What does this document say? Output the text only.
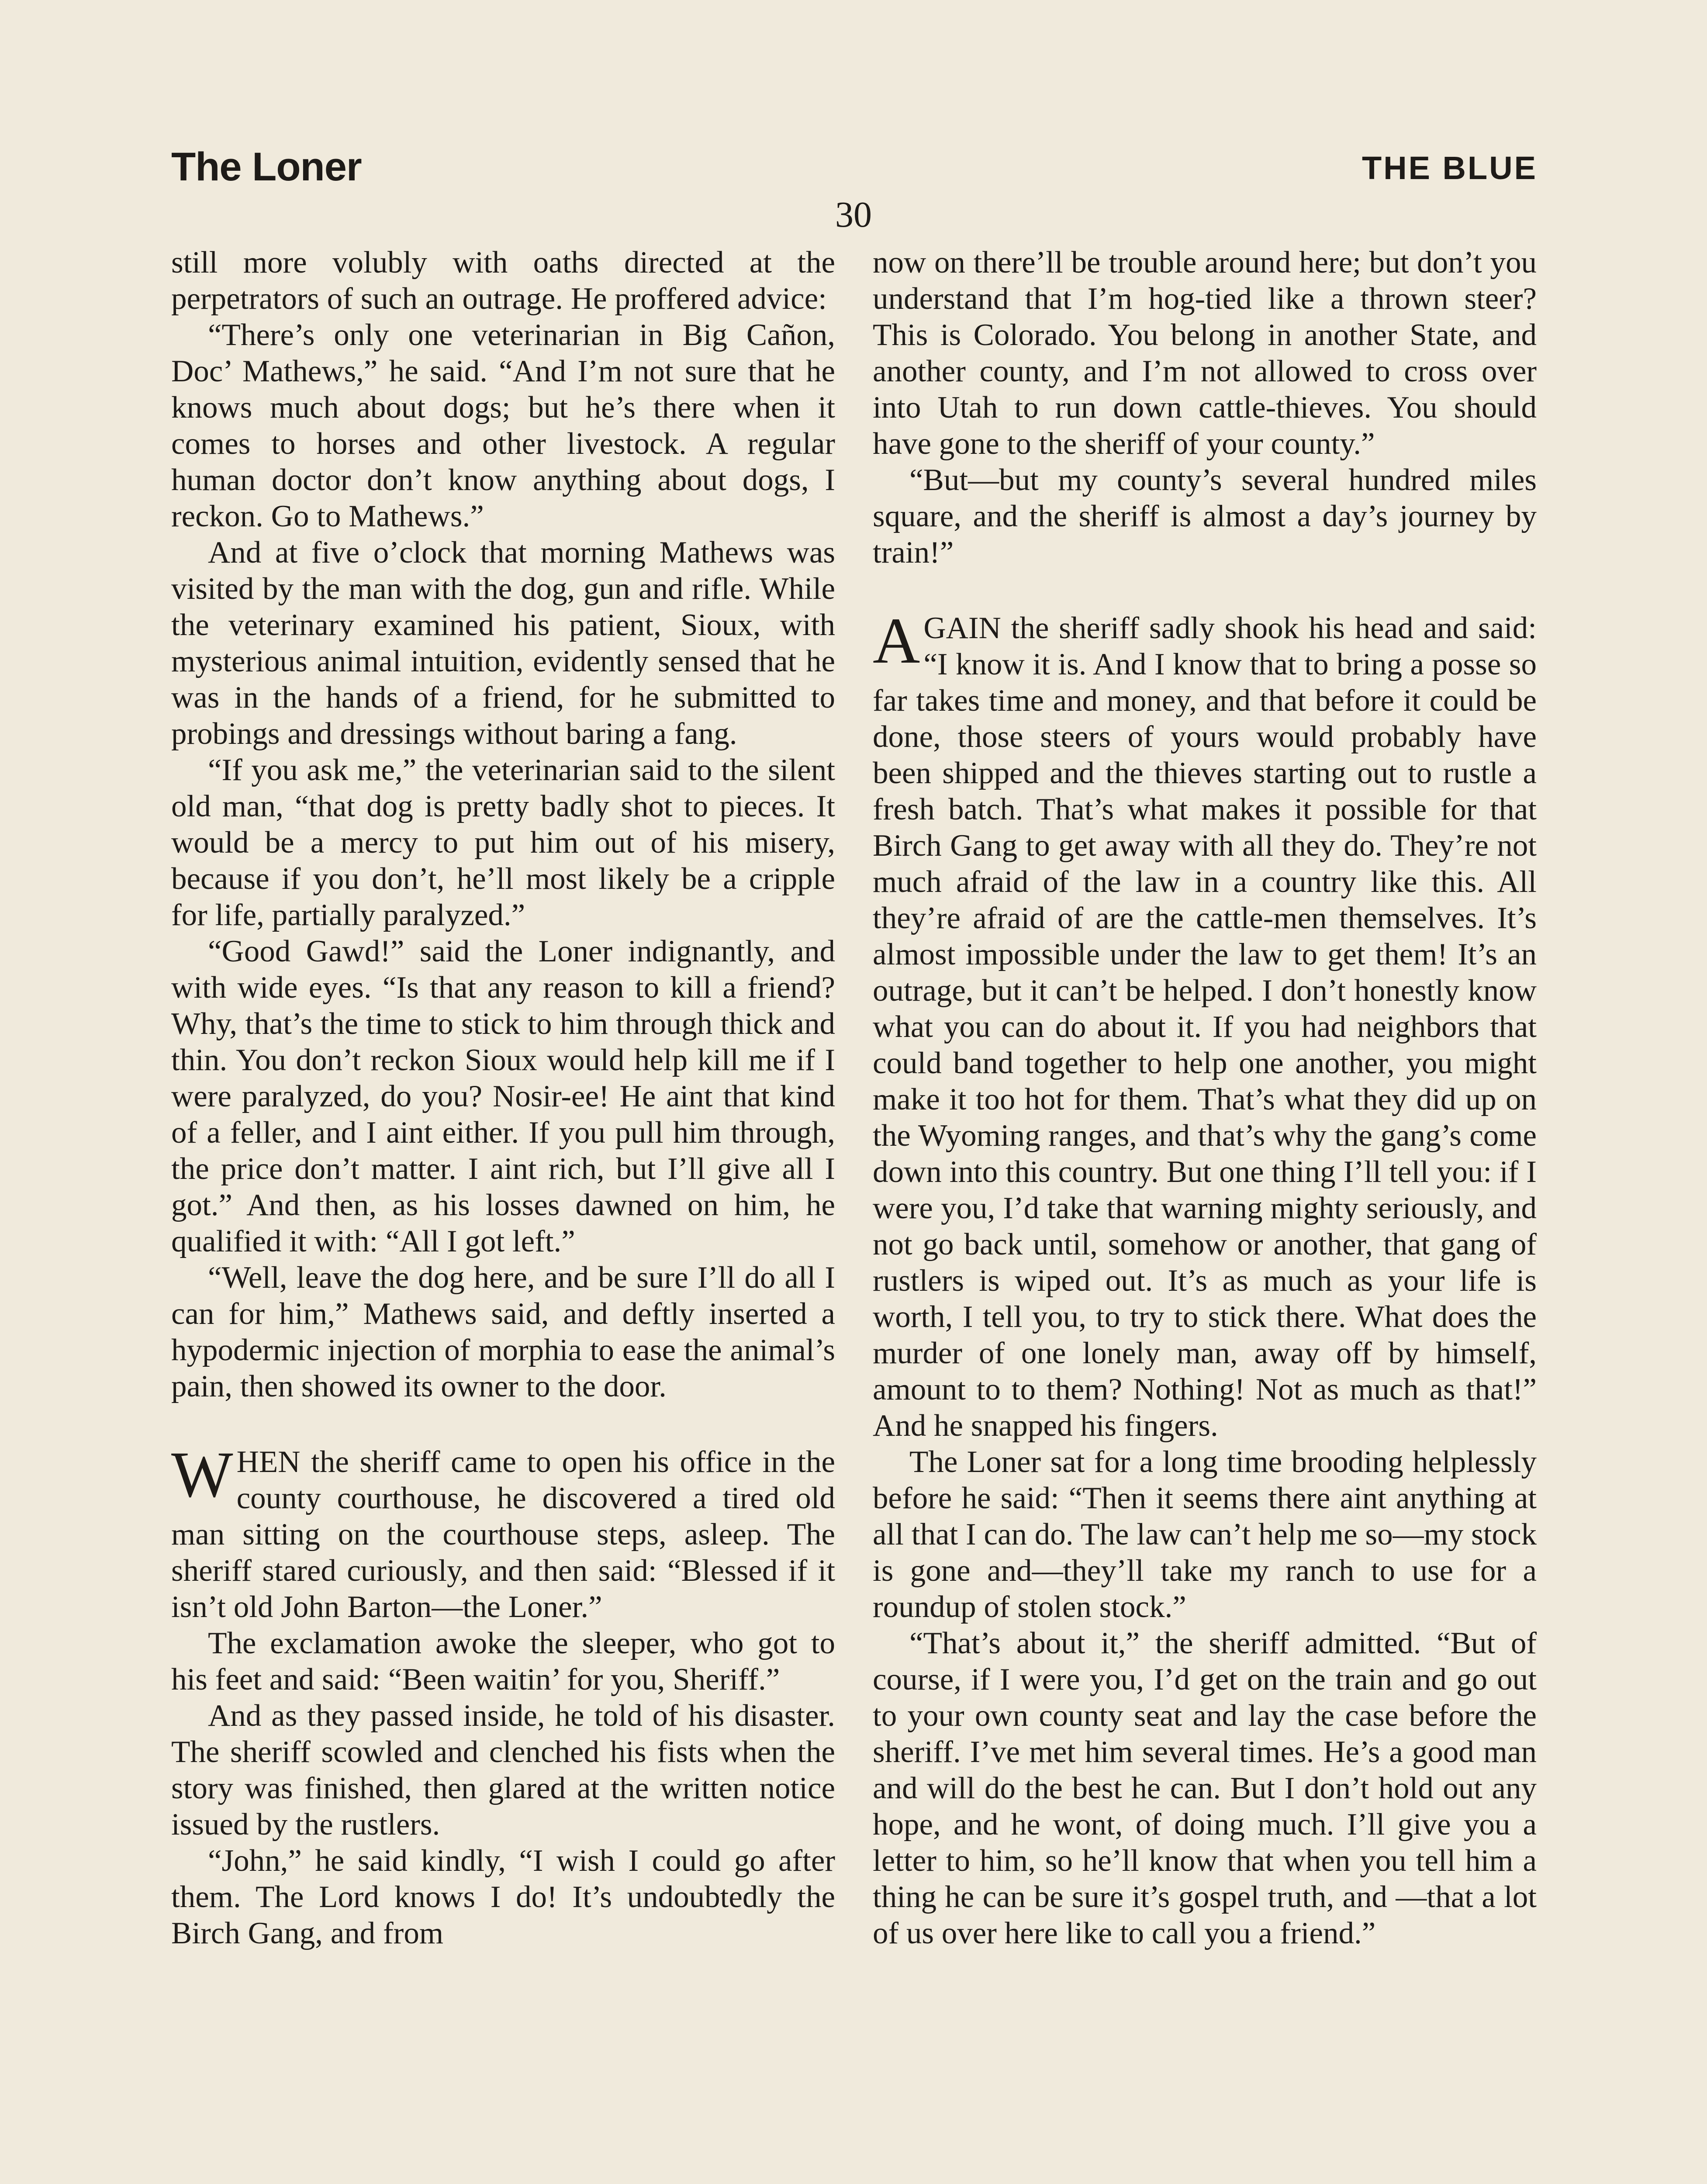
The Loner	THE BLUE
30

still more volubly with oaths directed at the perpetrators of such an outrage. He proffered advice:

“There’s only one veterinarian in Big Cañon, Doc’ Mathews,” he said. “And I’m not sure that he knows much about dogs; but he’s there when it comes to horses and other livestock. A regular human doctor don’t know anything about dogs, I reckon. Go to Mathews.”

And at five o’clock that morning Mathews was visited by the man with the dog, gun and rifle. While the veterinary examined his patient, Sioux, with mysterious animal intuition, evidently sensed that he was in the hands of a friend, for he submitted to probings and dressings without baring a fang.

“If you ask me,” the veterinarian said to the silent old man, “that dog is pretty badly shot to pieces. It would be a mercy to put him out of his misery, because if you don’t, he’ll most likely be a cripple for life, partially paralyzed.”

“Good Gawd!” said the Loner indignantly, and with wide eyes. “Is that any reason to kill a friend? Why, that’s the time to stick to him through thick and thin. You don’t reckon Sioux would help kill me if I were paralyzed, do you? Nosir-ee! He aint that kind of a feller, and I aint either. If you pull him through, the price don’t matter. I aint rich, but I’ll give all I got.” And then, as his losses dawned on him, he qualified it with: “All I got left.”

“Well, leave the dog here, and be sure I’ll do all I can for him,” Mathews said, and deftly inserted a hypodermic injection of morphia to ease the animal’s pain, then showed its owner to the door.

WHEN the sheriff came to open his office in the county courthouse, he discovered a tired old man sitting on the courthouse steps, asleep. The sheriff stared curiously, and then said: “Blessed if it isn’t old John Barton—the Loner.”

The exclamation awoke the sleeper, who got to his feet and said: “Been waitin’ for you, Sheriff.”

And as they passed inside, he told of his disaster. The sheriff scowled and clenched his fists when the story was finished, then glared at the written notice issued by the rustlers.

“John,” he said kindly, “I wish I could go after them. The Lord knows I do! It’s undoubtedly the Birch Gang, and from

now on there’ll be trouble around here; but don’t you understand that I’m hog-tied like a thrown steer? This is Colorado. You belong in another State, and another county, and I’m not allowed to cross over into Utah to run down cattle-thieves. You should have gone to the sheriff of your county.”

“But—but my county’s several hundred miles square, and the sheriff is almost a day’s journey by train!”

AGAIN the sheriff sadly shook his head and said: “I know it is. And I know that to bring a posse so far takes time and money, and that before it could be done, those steers of yours would probably have been shipped and the thieves starting out to rustle a fresh batch. That’s what makes it possible for that Birch Gang to get away with all they do. They’re not much afraid of the law in a country like this. All they’re afraid of are the cattle-men themselves. It’s almost impossible under the law to get them! It’s an outrage, but it can’t be helped. I don’t honestly know what you can do about it. If you had neighbors that could band together to help one another, you might make it too hot for them. That’s what they did up on the Wyoming ranges, and that’s why the gang’s come down into this country. But one thing I’ll tell you: if I were you, I’d take that warning mighty seriously, and not go back until, somehow or another, that gang of rustlers is wiped out. It’s as much as your life is worth, I tell you, to try to stick there. What does the murder of one lonely man, away off by himself, amount to to them? Nothing! Not as much as that!” And he snapped his fingers.

The Loner sat for a long time brooding helplessly before he said: “Then it seems there aint anything at all that I can do. The law can’t help me so—my stock is gone and—they’ll take my ranch to use for a roundup of stolen stock.”

“That’s about it,” the sheriff admitted. “But of course, if I were you, I’d get on the train and go out to your own county seat and lay the case before the sheriff. I’ve met him several times. He’s a good man and will do the best he can. But I don’t hold out any hope, and he wont, of doing much. I’ll give you a letter to him, so he’ll know that when you tell him a thing he can be sure it’s gospel truth, and —that a lot of us over here like to call you a friend.”
